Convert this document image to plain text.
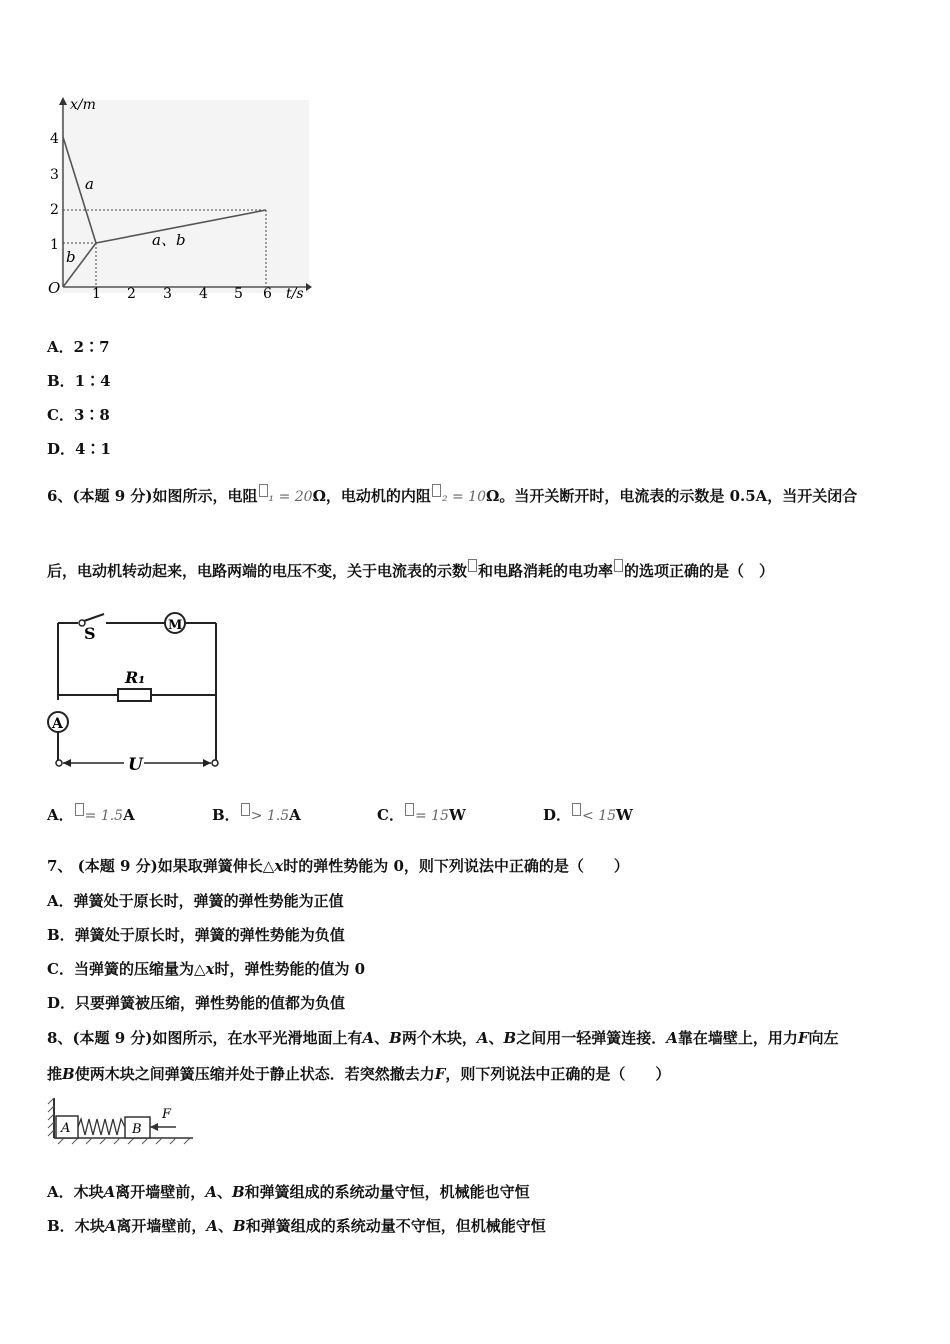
x/m
t/s
O
1
2
3
4
1 2 3 4 5 6
a
b
a、b
A．2∶7
B．1∶4
C．3∶8
D．4∶1
6、(本题 9 分)如图所示，电阻 ₁ = 20Ω，电动机的内阻 ₂ = 10Ω。当开关断开时，电流表的示数是 0.5A，当开关闭合
后，电动机转动起来，电路两端的电压不变，关于电流表的示数 和电路消耗的电功率 的选项正确的是（　）
S	M
R₁
A
U
A． = 1.5A	B． > 1.5A	C． = 15W	D． < 15W
7、 (本题 9 分)如果取弹簧伸长△x时的弹性势能为 0，则下列说法中正确的是（　　）
A．弹簧处于原长时，弹簧的弹性势能为正值
B．弹簧处于原长时，弹簧的弹性势能为负值
C．当弹簧的压缩量为△x时，弹性势能的值为 0
D．只要弹簧被压缩，弹性势能的值都为负值
8、(本题 9 分)如图所示，在水平光滑地面上有A、B两个木块，A、B之间用一轻弹簧连接．A靠在墙壁上，用力F向左
推B使两木块之间弹簧压缩并处于静止状态．若突然撤去力F，则下列说法中正确的是（　　）
A	B
F
A．木块A离开墙壁前，A、B和弹簧组成的系统动量守恒，机械能也守恒
B．木块A离开墙壁前，A、B和弹簧组成的系统动量不守恒，但机械能守恒
